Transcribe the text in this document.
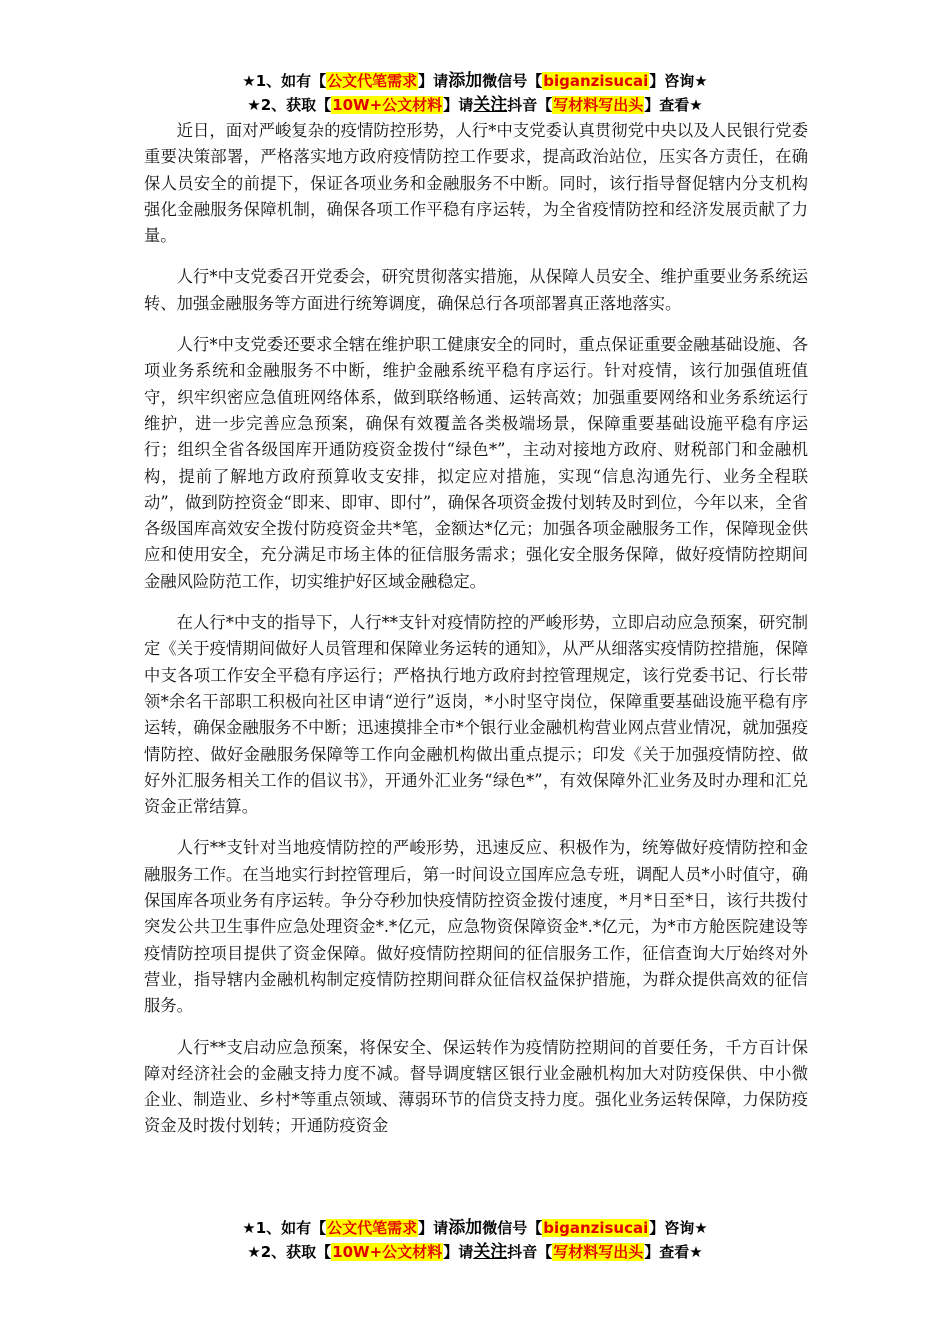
★1、如有【公文代笔需求】请添加微信号【biganzisucai】咨询★
★2、获取【10W+公文材料】请关注抖音【写材料写出头】查看★

近日，面对严峻复杂的疫情防控形势，人行*中支党委认真贯彻党中央以及人民银行党委重要决策部署，严格落实地方政府疫情防控工作要求，提高政治站位，压实各方责任，在确保人员安全的前提下，保证各项业务和金融服务不中断。同时，该行指导督促辖内分支机构强化金融服务保障机制，确保各项工作平稳有序运转，为全省疫情防控和经济发展贡献了力量。

人行*中支党委召开党委会，研究贯彻落实措施，从保障人员安全、维护重要业务系统运转、加强金融服务等方面进行统筹调度，确保总行各项部署真正落地落实。

人行*中支党委还要求全辖在维护职工健康安全的同时，重点保证重要金融基础设施、各项业务系统和金融服务不中断，维护金融系统平稳有序运行。针对疫情，该行加强值班值守，织牢织密应急值班网络体系，做到联络畅通、运转高效；加强重要网络和业务系统运行维护，进一步完善应急预案，确保有效覆盖各类极端场景，保障重要基础设施平稳有序运行；组织全省各级国库开通防疫资金拨付“绿色*”，主动对接地方政府、财税部门和金融机构，提前了解地方政府预算收支安排，拟定应对措施，实现“信息沟通先行、业务全程联动”，做到防控资金“即来、即审、即付”，确保各项资金拨付划转及时到位，今年以来，全省各级国库高效安全拨付防疫资金共*笔，金额达*亿元；加强各项金融服务工作，保障现金供应和使用安全，充分满足市场主体的征信服务需求；强化安全服务保障，做好疫情防控期间金融风险防范工作，切实维护好区域金融稳定。

在人行*中支的指导下，人行**支针对疫情防控的严峻形势，立即启动应急预案，研究制定《关于疫情期间做好人员管理和保障业务运转的通知》，从严从细落实疫情防控措施，保障中支各项工作安全平稳有序运行；严格执行地方政府封控管理规定，该行党委书记、行长带领*余名干部职工积极向社区申请“逆行”返岗，*小时坚守岗位，保障重要基础设施平稳有序运转，确保金融服务不中断；迅速摸排全市*个银行业金融机构营业网点营业情况，就加强疫情防控、做好金融服务保障等工作向金融机构做出重点提示；印发《关于加强疫情防控、做好外汇服务相关工作的倡议书》，开通外汇业务“绿色*”，有效保障外汇业务及时办理和汇兑资金正常结算。

人行**支针对当地疫情防控的严峻形势，迅速反应、积极作为，统筹做好疫情防控和金融服务工作。在当地实行封控管理后，第一时间设立国库应急专班，调配人员*小时值守，确保国库各项业务有序运转。争分夺秒加快疫情防控资金拨付速度，*月*日至*日，该行共拨付突发公共卫生事件应急处理资金*.*亿元，应急物资保障资金*.*亿元，为*市方舱医院建设等疫情防控项目提供了资金保障。做好疫情防控期间的征信服务工作，征信查询大厅始终对外营业，指导辖内金融机构制定疫情防控期间群众征信权益保护措施，为群众提供高效的征信服务。

人行**支启动应急预案，将保安全、保运转作为疫情防控期间的首要任务，千方百计保障对经济社会的金融支持力度不减。督导调度辖区银行业金融机构加大对防疫保供、中小微企业、制造业、乡村*等重点领域、薄弱环节的信贷支持力度。强化业务运转保障，力保防疫资金及时拨付划转；开通防疫资金

★1、如有【公文代笔需求】请添加微信号【biganzisucai】咨询★
★2、获取【10W+公文材料】请关注抖音【写材料写出头】查看★
